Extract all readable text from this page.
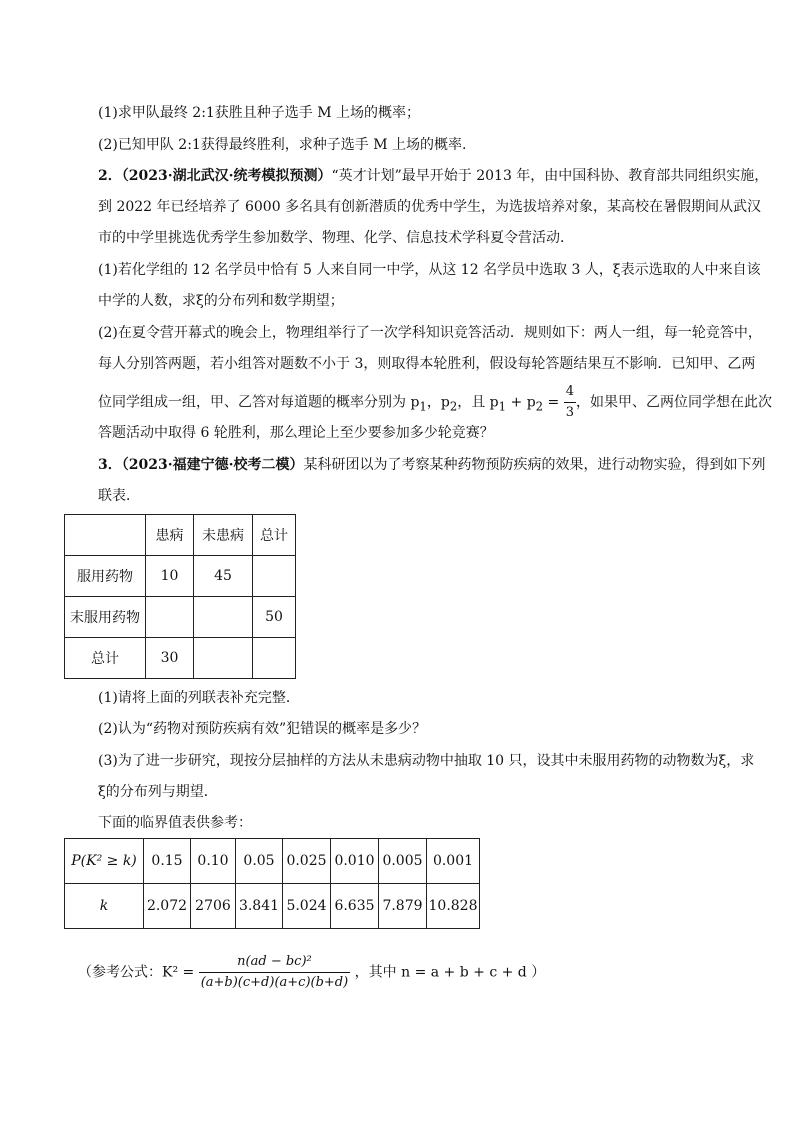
(1)求甲队最终 2:1获胜且种子选手 M 上场的概率；
(2)已知甲队 2:1获得最终胜利，求种子选手 M 上场的概率.
2．（2023·湖北武汉·统考模拟预测）“英才计划”最早开始于 2013 年，由中国科协、教育部共同组织实施，
到 2022 年已经培养了 6000 多名具有创新潜质的优秀中学生，为选拔培养对象，某高校在暑假期间从武汉
市的中学里挑选优秀学生参加数学、物理、化学、信息技术学科夏令营活动．
(1)若化学组的 12 名学员中恰有 5 人来自同一中学，从这 12 名学员中选取 3 人，ξ表示选取的人中来自该
中学的人数，求ξ的分布列和数学期望；
(2)在夏令营开幕式的晚会上，物理组举行了一次学科知识竞答活动．规则如下：两人一组，每一轮竞答中，
每人分别答两题，若小组答对题数不小于 3，则取得本轮胜利，假设每轮答题结果互不影响．已知甲、乙两
位同学组成一组，甲、乙答对每道题的概率分别为 $p_1$，$p_2$，且 $p_1 + p_2 = \frac{4}{3}$ ，如果甲、乙两位同学想在此次
答题活动中取得 6 轮胜利，那么理论上至少要参加多少轮竞赛？
3．（2023·福建宁德·校考二模）某科研团以为了考察某种药物预防疾病的效果，进行动物实验，得到如下列
联表．
	患病	未患病	总计
服用药物	10	45	
末服用药物			50
总计	30		
(1)请将上面的列联表补充完整．
(2)认为“药物对预防疾病有效”犯错误的概率是多少？
(3)为了进一步研究，现按分层抽样的方法从未患病动物中抽取 10 只，设其中未服用药物的动物数为ξ，求
ξ的分布列与期望．
下面的临界值表供参考：
P(K² ≥ k)	0.15	0.10	0.05	0.025	0.010	0.005	0.001
k	2.072	2706	3.841	5.024	6.635	7.879	10.828
（参考公式：$K^2 = \frac{\text{n(ad − bc)²}}{(a+b)(c+d)(a+c)(b+d)}$ ，其中 n = a + b + c + d ）
